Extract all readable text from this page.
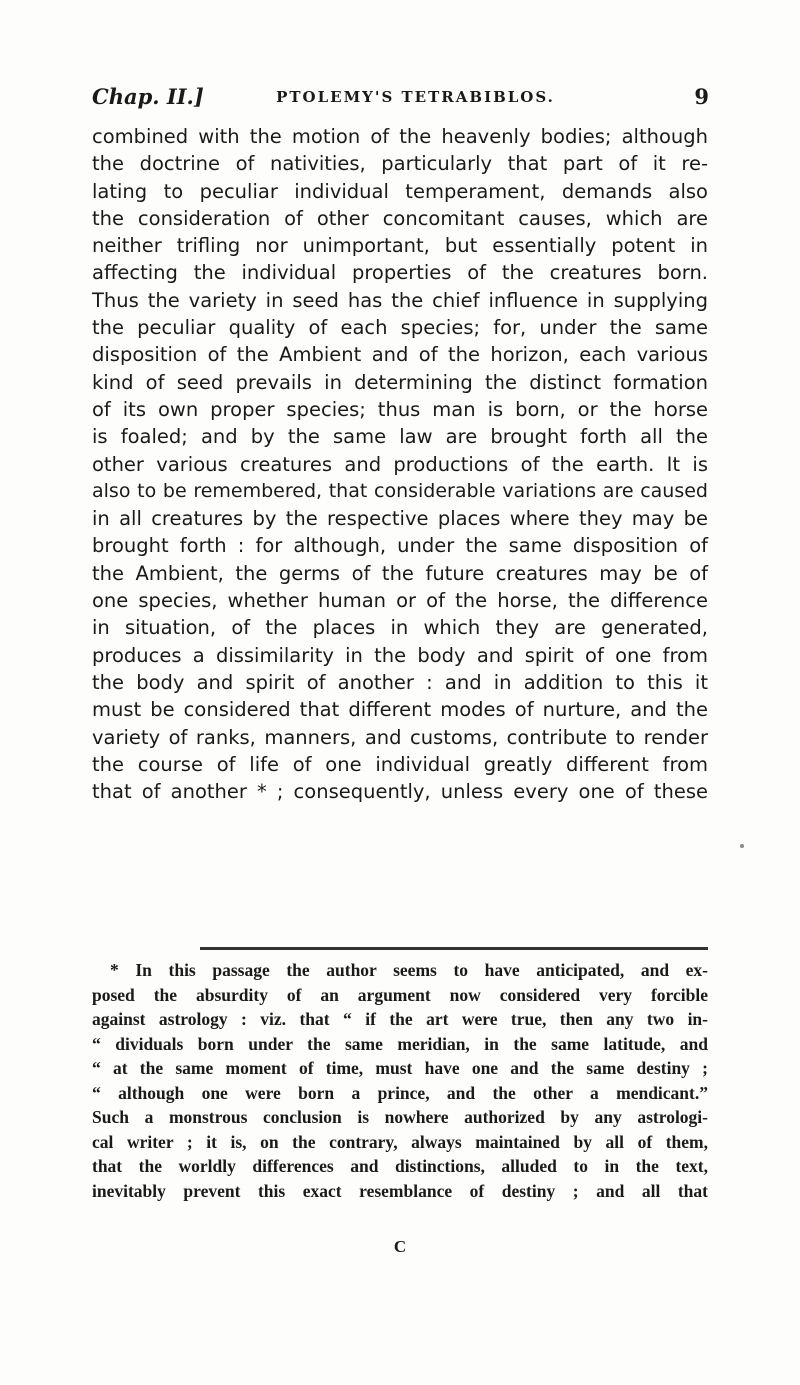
Chap. II.]	PTOLEMY'S TETRABIBLOS.	9
combined with the motion of the heavenly bodies; although
the doctrine of nativities, particularly that part of it re-
lating to peculiar individual temperament, demands also
the consideration of other concomitant causes, which are
neither trifling nor unimportant, but essentially potent in
affecting the individual properties of the creatures born.
Thus the variety in seed has the chief influence in supplying
the peculiar quality of each species; for, under the same
disposition of the Ambient and of the horizon, each various
kind of seed prevails in determining the distinct formation
of its own proper species; thus man is born, or the horse
is foaled; and by the same law are brought forth all the
other various creatures and productions of the earth. It is
also to be remembered, that considerable variations are caused
in all creatures by the respective places where they may be
brought forth : for although, under the same disposition of
the Ambient, the germs of the future creatures may be of
one species, whether human or of the horse, the difference
in situation, of the places in which they are generated,
produces a dissimilarity in the body and spirit of one from
the body and spirit of another : and in addition to this it
must be considered that different modes of nurture, and the
variety of ranks, manners, and customs, contribute to render
the course of life of one individual greatly different from
that of another * ; consequently, unless every one of these
* In this passage the author seems to have anticipated, and ex-
posed the absurdity of an argument now considered very forcible
against astrology : viz. that “ if the art were true, then any two in-
“ dividuals born under the same meridian, in the same latitude, and
“ at the same moment of time, must have one and the same destiny ;
“ although one were born a prince, and the other a mendicant.”
Such a monstrous conclusion is nowhere authorized by any astrologi-
cal writer ; it is, on the contrary, always maintained by all of them,
that the worldly differences and distinctions, alluded to in the text,
inevitably prevent this exact resemblance of destiny ; and all that
C
